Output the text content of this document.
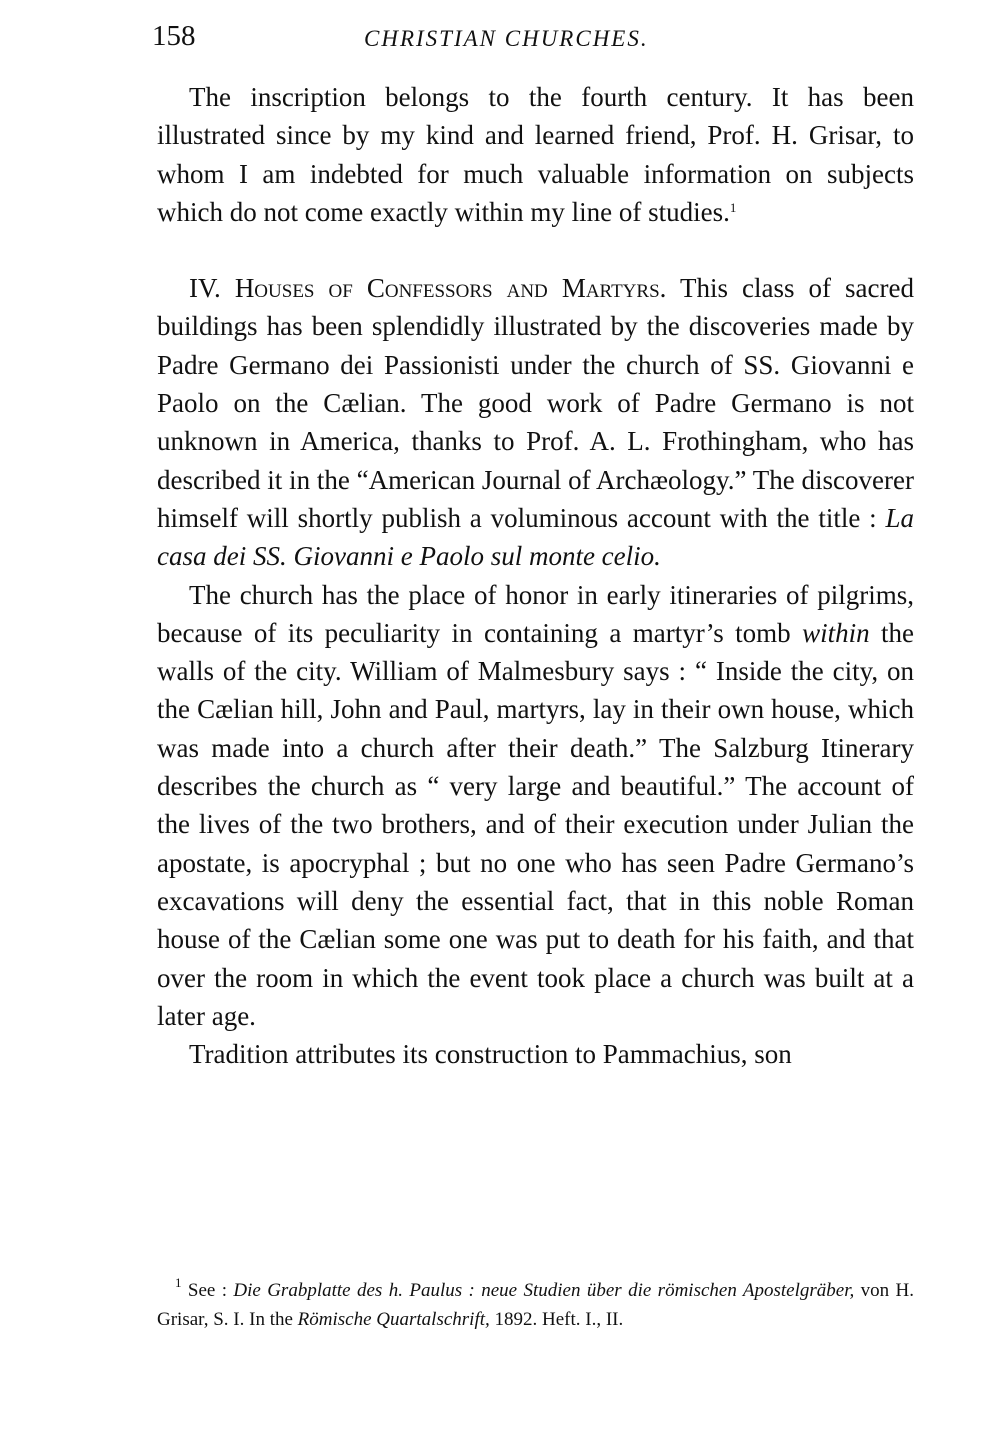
158	CHRISTIAN CHURCHES.

The inscription belongs to the fourth century. It has been illustrated since by my kind and learned friend, Prof. H. Grisar, to whom I am indebted for much valuable information on subjects which do not come exactly within my line of studies.$^1$

IV. Houses of Confessors and Martyrs. This class of sacred buildings has been splendidly illustrated by the discoveries made by Padre Germano dei Passionisti under the church of SS. Giovanni e Paolo on the Cælian. The good work of Padre Germano is not unknown in America, thanks to Prof. A. L. Frothingham, who has described it in the “American Journal of Archæology.” The discoverer himself will shortly publish a voluminous account with the title : La casa dei SS. Giovanni e Paolo sul monte celio.

The church has the place of honor in early itineraries of pilgrims, because of its peculiarity in containing a martyr’s tomb within the walls of the city. William of Malmesbury says : “ Inside the city, on the Cælian hill, John and Paul, martyrs, lay in their own house, which was made into a church after their death.” The Salzburg Itinerary describes the church as “ very large and beautiful.” The account of the lives of the two brothers, and of their execution under Julian the apostate, is apocryphal ; but no one who has seen Padre Germano’s excavations will deny the essential fact, that in this noble Roman house of the Cælian some one was put to death for his faith, and that over the room in which the event took place a church was built at a later age.

Tradition attributes its construction to Pammachius, son

$^1$ See : Die Grabplatte des h. Paulus : neue Studien über die römischen Apostelgräber, von H. Grisar, S. I. In the Römische Quartalschrift, 1892. Heft. I., II.
